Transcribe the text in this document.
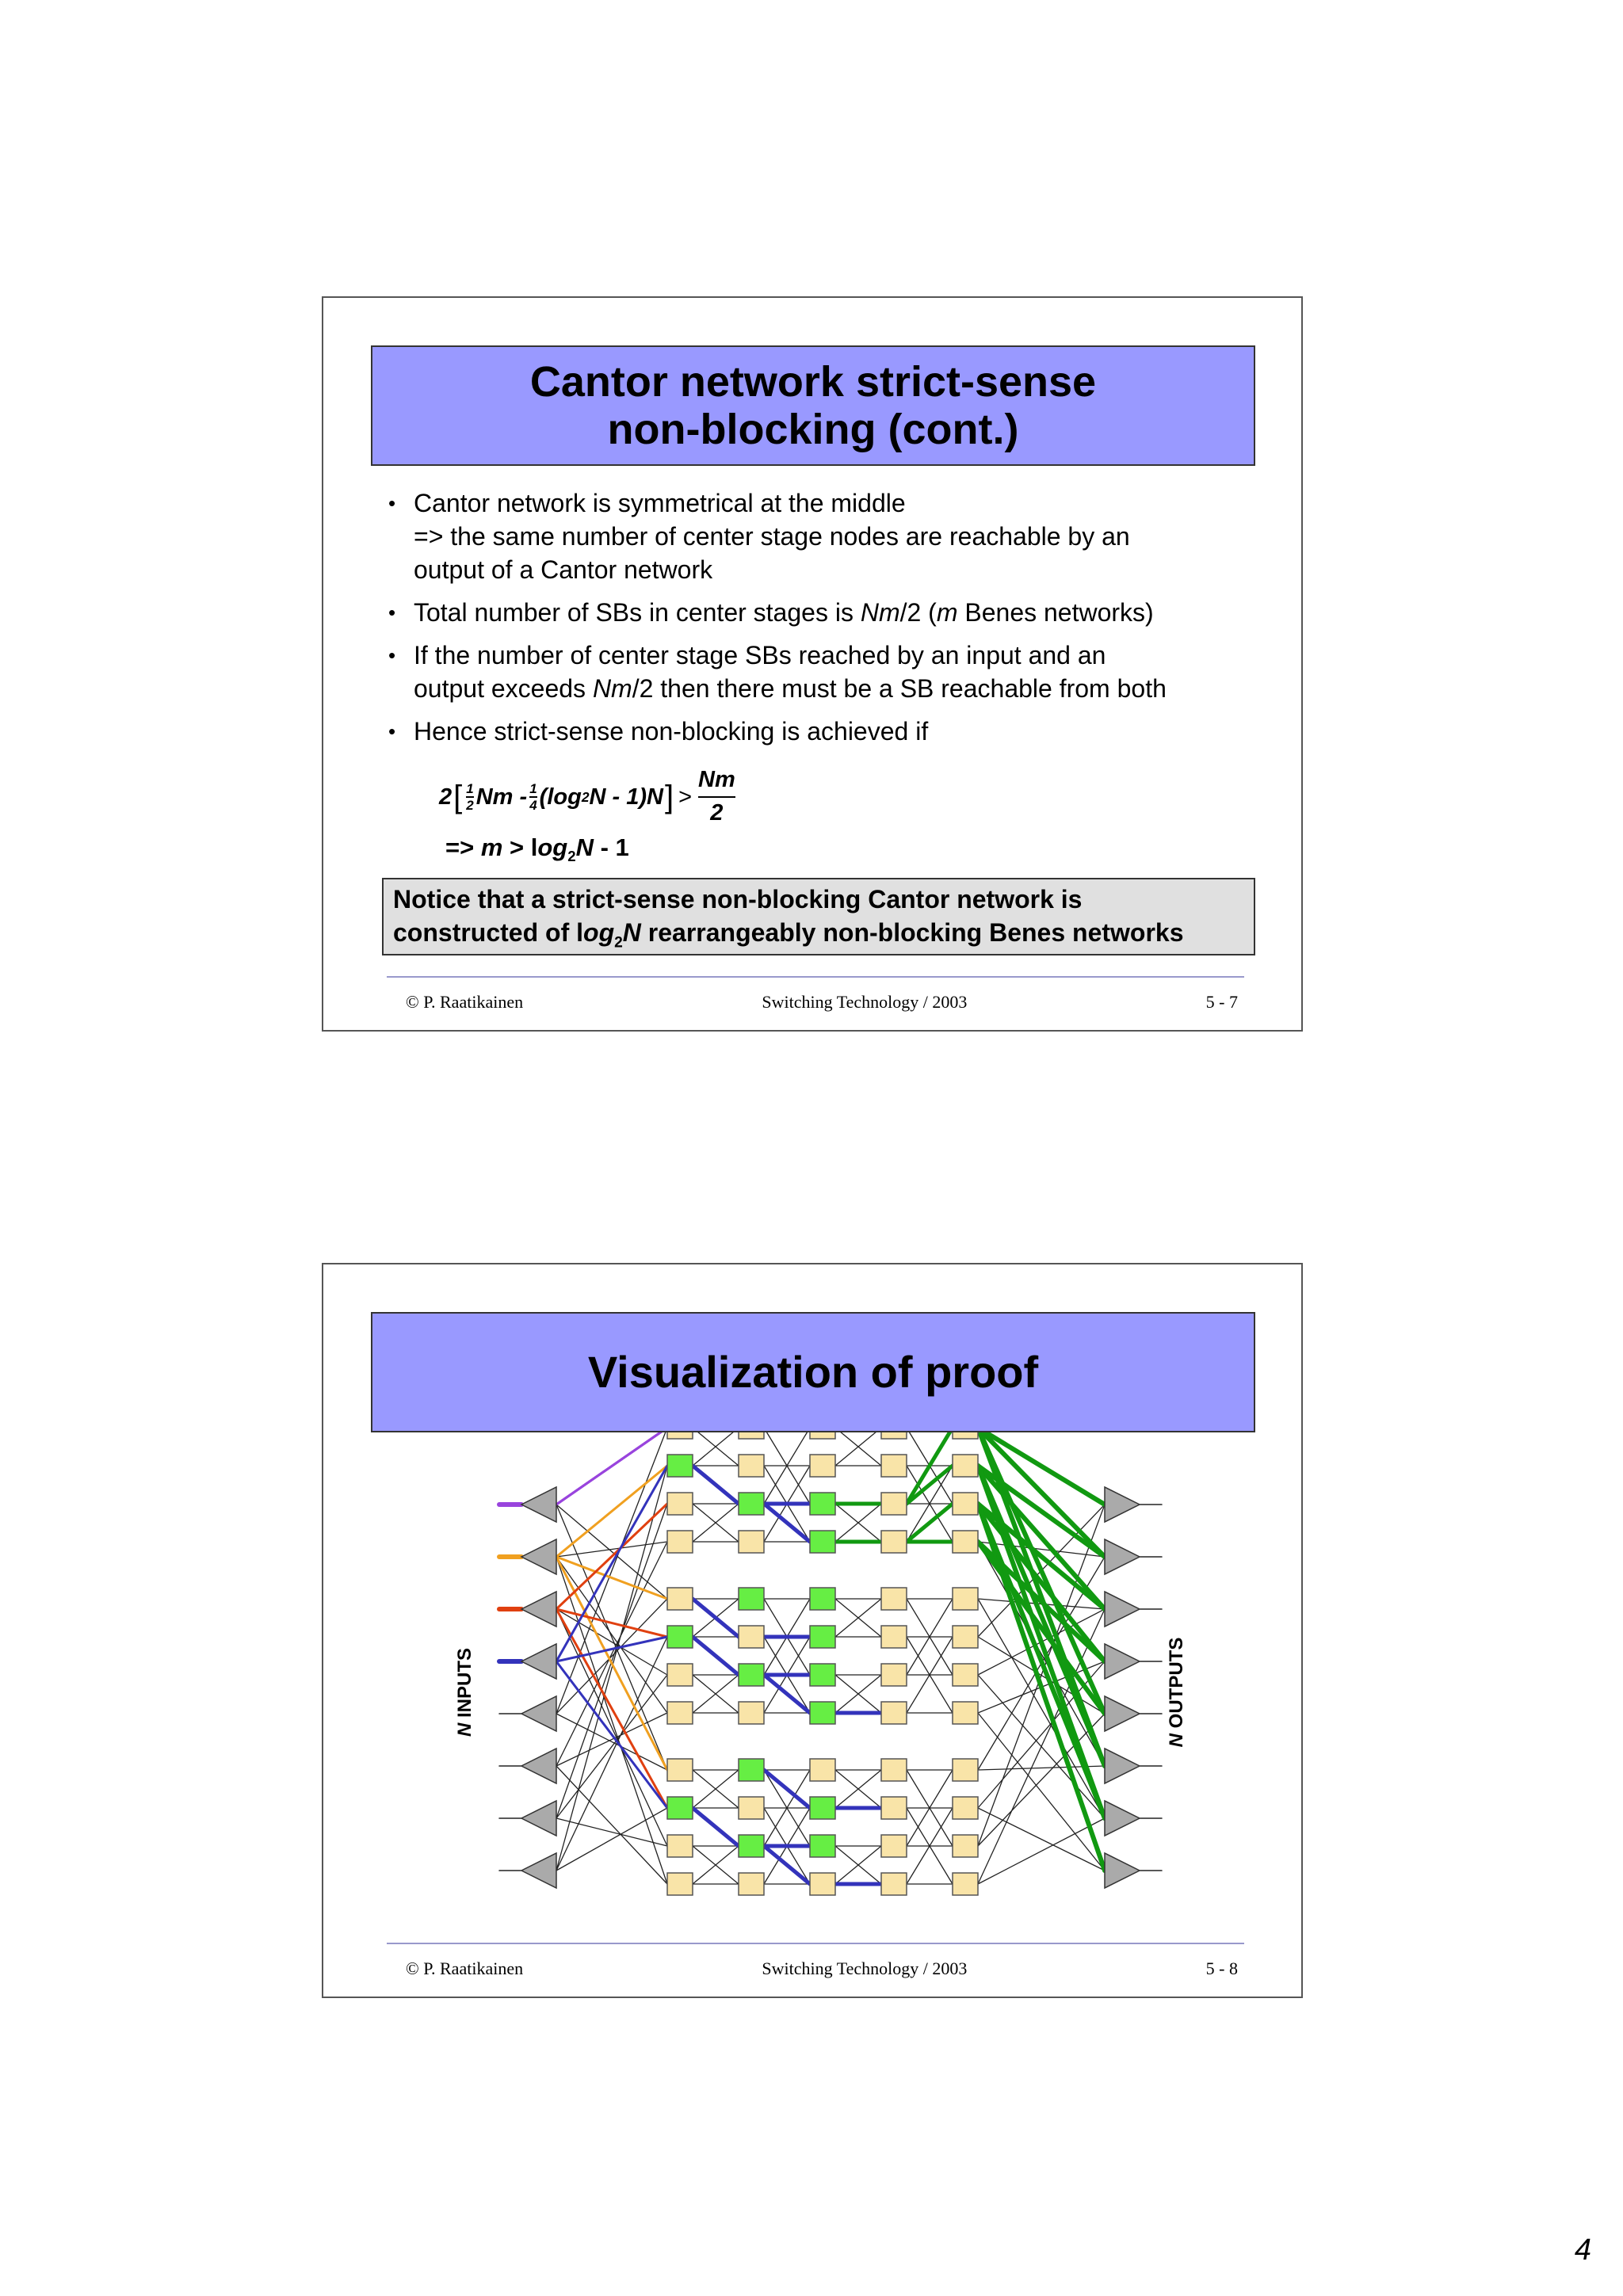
Cantor network strict-sense
non-blocking (cont.)
• Cantor network is symmetrical at the middle
=> the same number of center stage nodes are reachable by an
output of a Cantor network
• Total number of SBs in center stages is Nm/2 (m Benes networks)
• If the number of center stage SBs reached by an input and an
output exceeds Nm/2 then there must be a SB reachable from both
• Hence strict-sense non-blocking is achieved if
2 [ $\frac{1}{2}$ Nm - $\frac{1}{4} (\log$ 2 N - 1)N ] >
Nm
2
=> $m > \log_2N - 1$
Notice that a strict-sense non-blocking Cantor network is
constructed of $\log_2N$ rearrangeably non-blocking Benes networks
© P. Raatikainen	Switching Technology / 2003	5 - 7
N INPUTS
N OUTPUTS
Visualization of proof
© P. Raatikainen	Switching Technology / 2003	5 - 8
4
